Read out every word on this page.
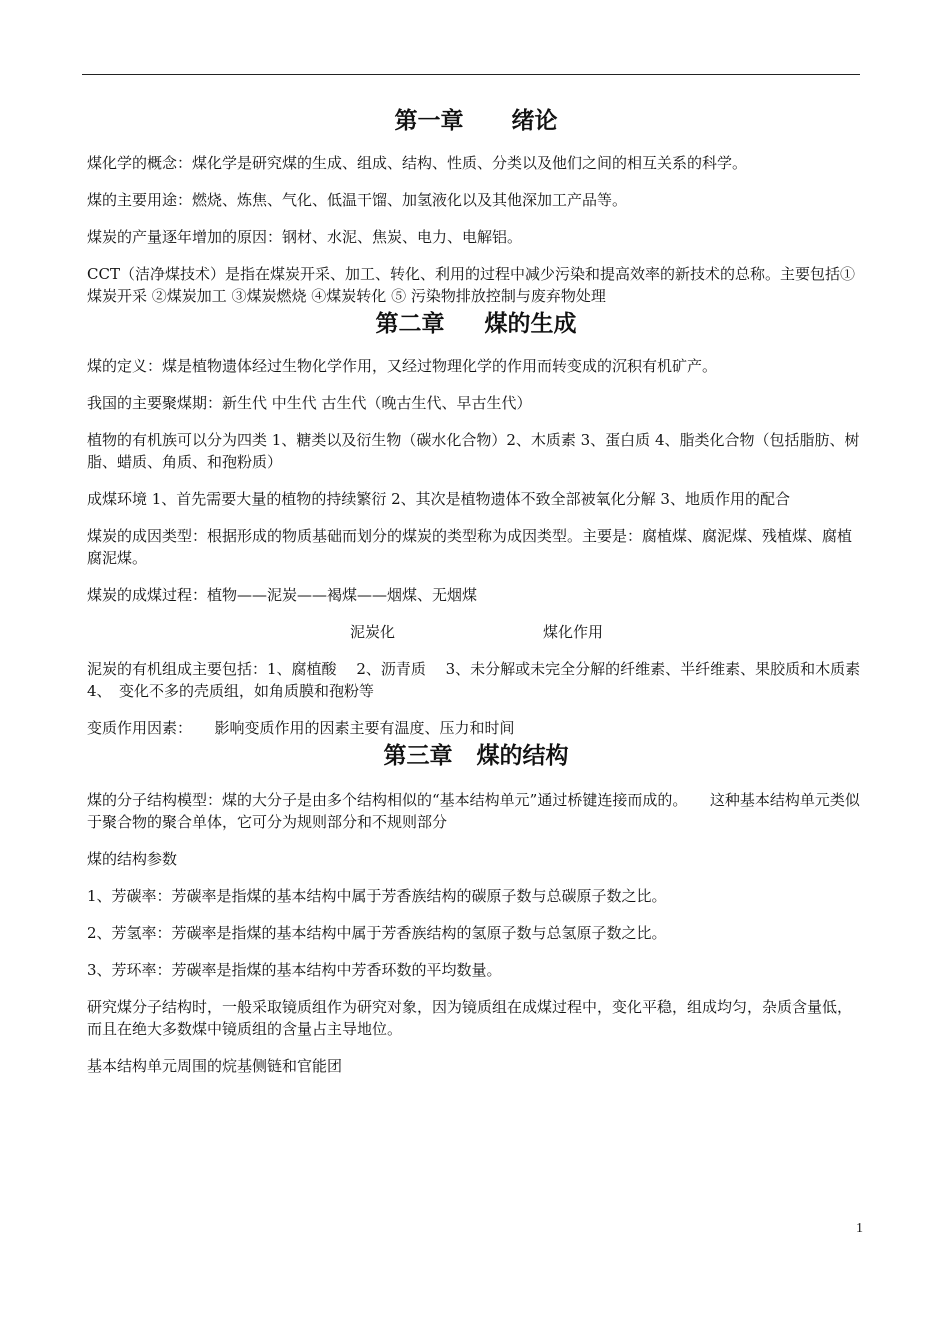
第一章 绪论

煤化学的概念：煤化学是研究煤的生成、组成、结构、性质、分类以及他们之间的相互关系的科学。

煤的主要用途：燃烧、炼焦、气化、低温干馏、加氢液化以及其他深加工产品等。

煤炭的产量逐年增加的原因：钢材、水泥、焦炭、电力、电解铝。

CCT（洁净煤技术）是指在煤炭开采、加工、转化、利用的过程中减少污染和提高效率的新技术的总称。主要包括①煤炭开采 ②煤炭加工 ③煤炭燃烧 ④煤炭转化 ⑤ 污染物排放控制与废弃物处理

第二章 煤的生成

煤的定义：煤是植物遗体经过生物化学作用，又经过物理化学的作用而转变成的沉积有机矿产。

我国的主要聚煤期：新生代 中生代 古生代（晚古生代、早古生代）

植物的有机族可以分为四类 1、糖类以及衍生物（碳水化合物）2、木质素 3、蛋白质 4、脂类化合物（包括脂肪、树脂、蜡质、角质、和孢粉质）

成煤环境 1、首先需要大量的植物的持续繁衍 2、其次是植物遗体不致全部被氧化分解 3、地质作用的配合

煤炭的成因类型：根据形成的物质基础而划分的煤炭的类型称为成因类型。主要是：腐植煤、腐泥煤、残植煤、腐植腐泥煤。

煤炭的成煤过程：植物——泥炭——褐煤——烟煤、无烟煤

泥炭化	煤化作用

泥炭的有机组成主要包括：1、腐植酸　 2、沥青质　 3、未分解或未完全分解的纤维素、半纤维素、果胶质和木质素　　4、　变化不多的壳质组，如角质膜和孢粉等

变质作用因素：　　影响变质作用的因素主要有温度、压力和时间

第三章 煤的结构

煤的分子结构模型：煤的大分子是由多个结构相似的“基本结构单元”通过桥键连接而成的。　　这种基本结构单元类似于聚合物的聚合单体，它可分为规则部分和不规则部分

煤的结构参数

1、芳碳率：芳碳率是指煤的基本结构中属于芳香族结构的碳原子数与总碳原子数之比。

2、芳氢率：芳碳率是指煤的基本结构中属于芳香族结构的氢原子数与总氢原子数之比。

3、芳环率：芳碳率是指煤的基本结构中芳香环数的平均数量。

研究煤分子结构时，一般采取镜质组作为研究对象，因为镜质组在成煤过程中，变化平稳，组成均匀，杂质含量低，而且在绝大多数煤中镜质组的含量占主导地位。

基本结构单元周围的烷基侧链和官能团

1
